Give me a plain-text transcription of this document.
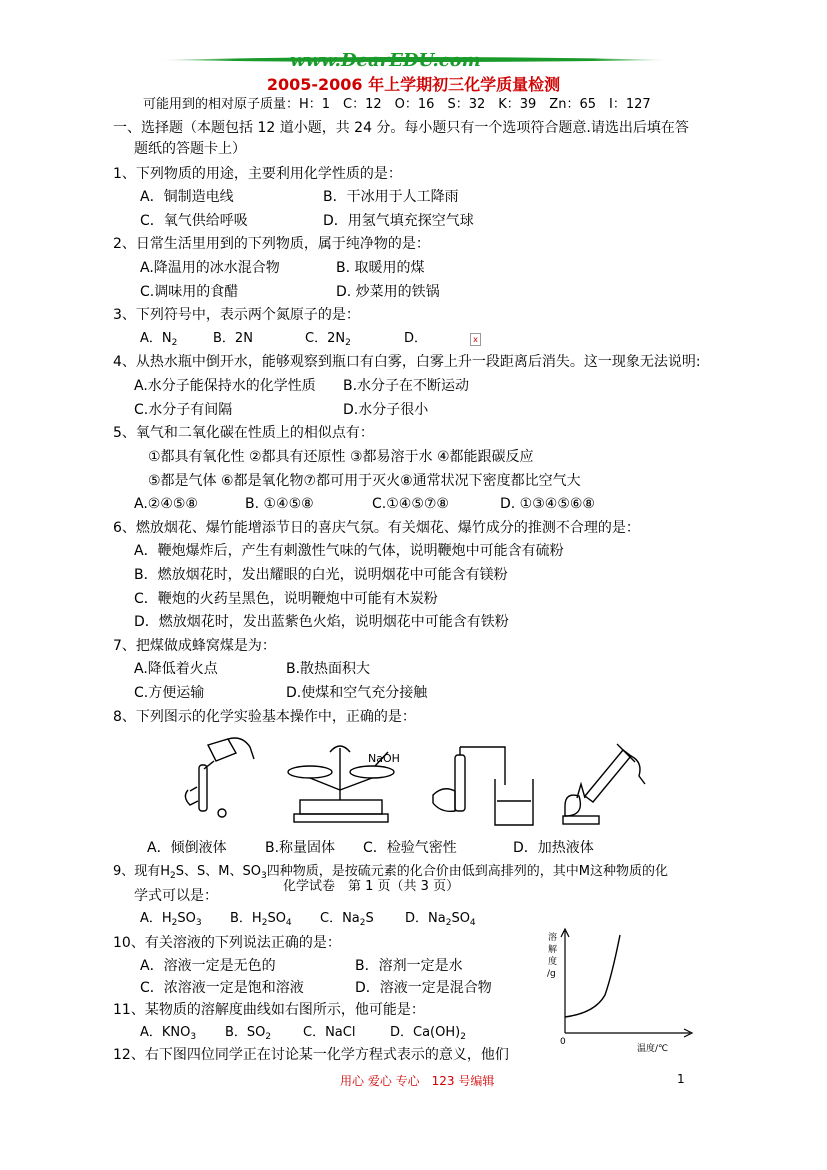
www.DearEDU.com
2005-2006 年上学期初三化学质量检测
可能用到的相对原子质量：H：1　C：12　O：16　S：32　K：39　Zn：65　I：127
一、选择题（本题包括 12 道小题，共 24 分。每小题只有一个选项符合题意.请选出后填在答
题纸的答题卡上）
1、下列物质的用途，主要利用化学性质的是：
A．铜制造电线	B．干冰用于人工降雨
C．氧气供给呼吸	D．用氢气填充探空气球
2、日常生活里用到的下列物质，属于纯净物的是：
A.降温用的冰水混合物	B. 取暖用的煤
C.调味用的食醋	D. 炒菜用的铁锅
3、下列符号中，表示两个氮原子的是：
A．$N_2$	B．2N	C．$2N_2$	D．	x
4、从热水瓶中倒开水，能够观察到瓶口有白雾，白雾上升一段距离后消失。这一现象无法说明:
A.水分子能保持水的化学性质 B.水分子在不断运动
C.水分子有间隔	D.水分子很小
5、氧气和二氧化碳在性质上的相似点有：
①都具有氧化性 ②都具有还原性 ③都易溶于水 ④都能跟碳反应
⑤都是气体 ⑥都是氧化物⑦都可用于灭火⑧通常状况下密度都比空气大
A.②④⑤⑧	B. ①④⑤⑧	C.①④⑤⑦⑧	D. ①③④⑤⑥⑧
6、燃放烟花、爆竹能增添节日的喜庆气氛。有关烟花、爆竹成分的推测不合理的是：
A．鞭炮爆炸后，产生有刺激性气味的气体，说明鞭炮中可能含有硫粉
B．燃放烟花时，发出耀眼的白光，说明烟花中可能含有镁粉
C．鞭炮的火药呈黑色，说明鞭炮中可能有木炭粉
D．燃放烟花时，发出蓝紫色火焰，说明烟花中可能含有铁粉
7、把煤做成蜂窝煤是为：
A.降低着火点	B.散热面积大
C.方便运输	D.使煤和空气充分接触
8、下列图示的化学实验基本操作中，正确的是：
NaOH
A．倾倒液体	B.称量固体 C．检验气密性	D．加热液体
9、现有$H_2S$、S、M、$SO_3$四种物质，是按硫元素的化合价由低到高排列的，其中M这种物质的化
化学试卷　第 1 页（共 3 页）
学式可以是：
A．$H_2SO_3$ B．$H_2SO_4$ C．$Na_2S$ D．$Na_2SO_4$
10、有关溶液的下列说法正确的是：
A．溶液一定是无色的	B．溶剂一定是水
C．浓溶液一定是饱和溶液	D．溶液一定是混合物
11、某物质的溶解度曲线如右图所示，他可能是：
A．$KNO_3$ B．$SO_2$ C．NaCl	D．$Ca(OH)_2$
12、右下图四位同学正在讨论某一化学方程式表示的意义，他们
溶
解
度
/g
0
温度/℃
用心 爱心 专心　123 号编辑	1
